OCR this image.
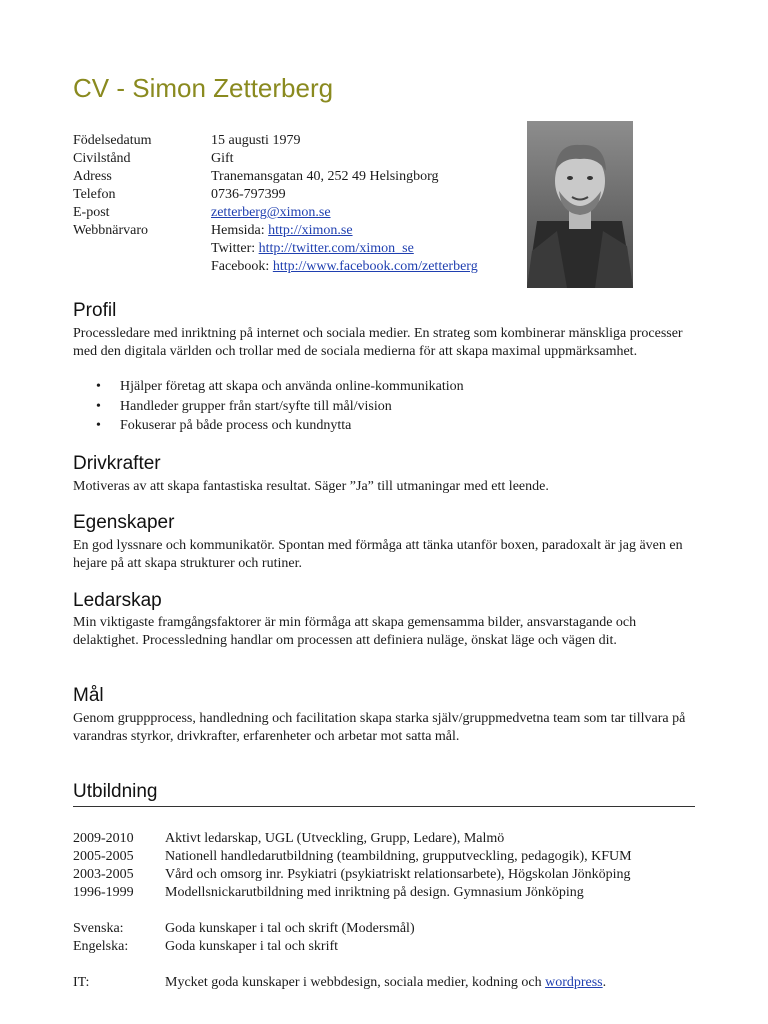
CV - Simon Zetterberg
Födelsedatum	15 augusti 1979
Civilstånd	Gift
Adress	Tranemansgatan 40, 252 49 Helsingborg
Telefon	0736-797399
E-post	zetterberg@ximon.se
Webbnärvaro	Hemsida: http://ximon.se
Twitter: http://twitter.com/ximon_se
Facebook: http://www.facebook.com/zetterberg
Profil
Processledare med inriktning på internet och sociala medier. En strateg som kombinerar mänskliga processer med den digitala världen och trollar med de sociala medierna för att skapa maximal uppmärksamhet.
•	Hjälper företag att skapa och använda online-kommunikation
•	Handleder grupper från start/syfte till mål/vision
•	Fokuserar på både process och kundnytta
Drivkrafter
Motiveras av att skapa fantastiska resultat. Säger ”Ja” till utmaningar med ett leende.
Egenskaper
En god lyssnare och kommunikatör. Spontan med förmåga att tänka utanför boxen, paradoxalt är jag även en hejare på att skapa strukturer och rutiner.
Ledarskap
Min viktigaste framgångsfaktorer är min förmåga att skapa gemensamma bilder, ansvarstagande och delaktighet. Processledning handlar om processen att definiera nuläge, önskat läge och vägen dit.
Mål
Genom gruppprocess, handledning och facilitation skapa starka själv/gruppmedvetna team som tar tillvara på varandras styrkor, drivkrafter, erfarenheter och arbetar mot satta mål.
Utbildning
2009-2010	Aktivt ledarskap, UGL (Utveckling, Grupp, Ledare), Malmö
2005-2005	Nationell handledarutbildning (teambildning, grupputveckling, pedagogik), KFUM
2003-2005	Vård och omsorg inr. Psykiatri (psykiatriskt relationsarbete), Högskolan Jönköping
1996-1999	Modellsnickarutbildning med inriktning på design. Gymnasium Jönköping
Svenska:	Goda kunskaper i tal och skrift (Modersmål)
Engelska:	Goda kunskaper i tal och skrift
IT:	Mycket goda kunskaper i webbdesign, sociala medier, kodning och wordpress.
